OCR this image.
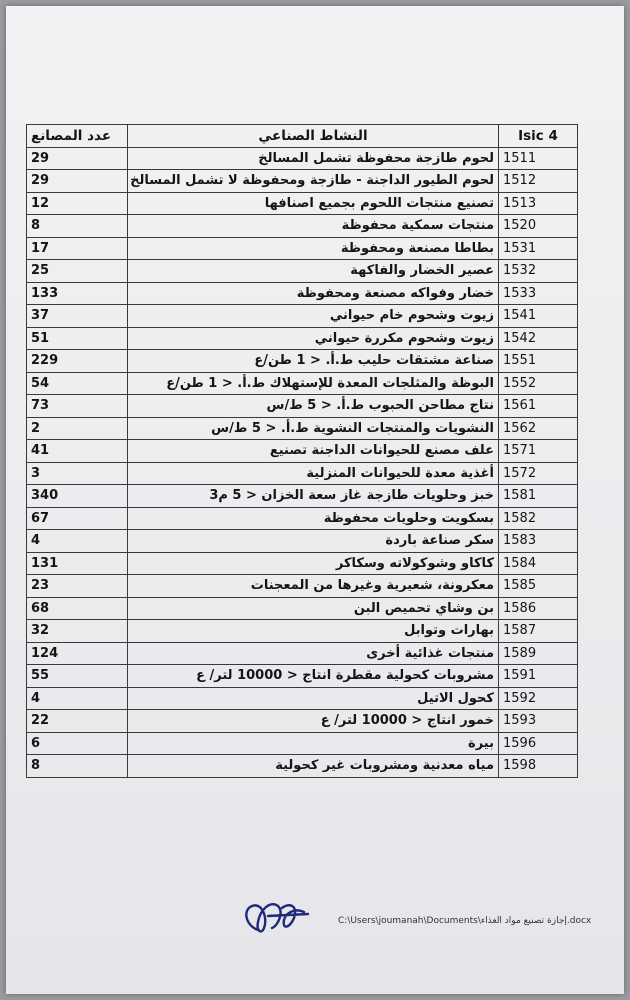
عدد المصانع	النشاط الصناعي	Isic 4
29	لحوم طازجة محفوظة تشمل المسالخ	1511
29	لحوم الطيور الداجنة - طازجة ومحفوظة لا تشمل المسالخ	1512
12	تصنيع منتجات اللحوم بجميع اصنافها	1513
8	منتجات سمكية محفوظة	1520
17	بطاطا مصنعة ومحفوظة	1531
25	عصير الخضار والفاكهة	1532
133	خضار وفواكه مصنعة ومحفوظة	1533
37	زيوت وشحوم خام حيواني	1541
51	زيوت وشحوم مكررة حيواني	1542
229	صناعة مشتقات حليب ط.أ. < 1 طن/ع	1551
54	البوظة والمثلجات المعدة للإستهلاك ط.أ. < 1 طن/ع	1552
73	نتاج مطاحن الحبوب ط.أ. < 5 ط/س	1561
2	النشويات والمنتجات النشوية ط.أ. < 5 ط/س	1562
41	علف مصنع للحيوانات الداجنة تصنيع	1571
3	أغذية معدة للحيوانات المنزلية	1572
340	خبز وحلويات طازجة غاز سعة الخزان < 5 م3	1581
67	بسكويت وحلويات محفوظة	1582
4	سكر صناعة باردة	1583
131	كاكاو وشوكولاته وسكاكر	1584
23	معكرونة، شعيرية وغيرها من المعجنات	1585
68	بن وشاي تحميص البن	1586
32	بهارات وتوابل	1587
124	منتجات غذائية أخرى	1589
55	مشروبات كحولية مقطرة انتاج < 10000 لتر/ ع	1591
4	كحول الاتيل	1592
22	خمور انتاج < 10000 لتر/ ع	1593
6	بيرة	1596
8	مياه معدنية ومشروبات غير كحولية	1598
C:\Users\joumanah\Documents\إجازة تصنيع مواد الغذاء.docx
